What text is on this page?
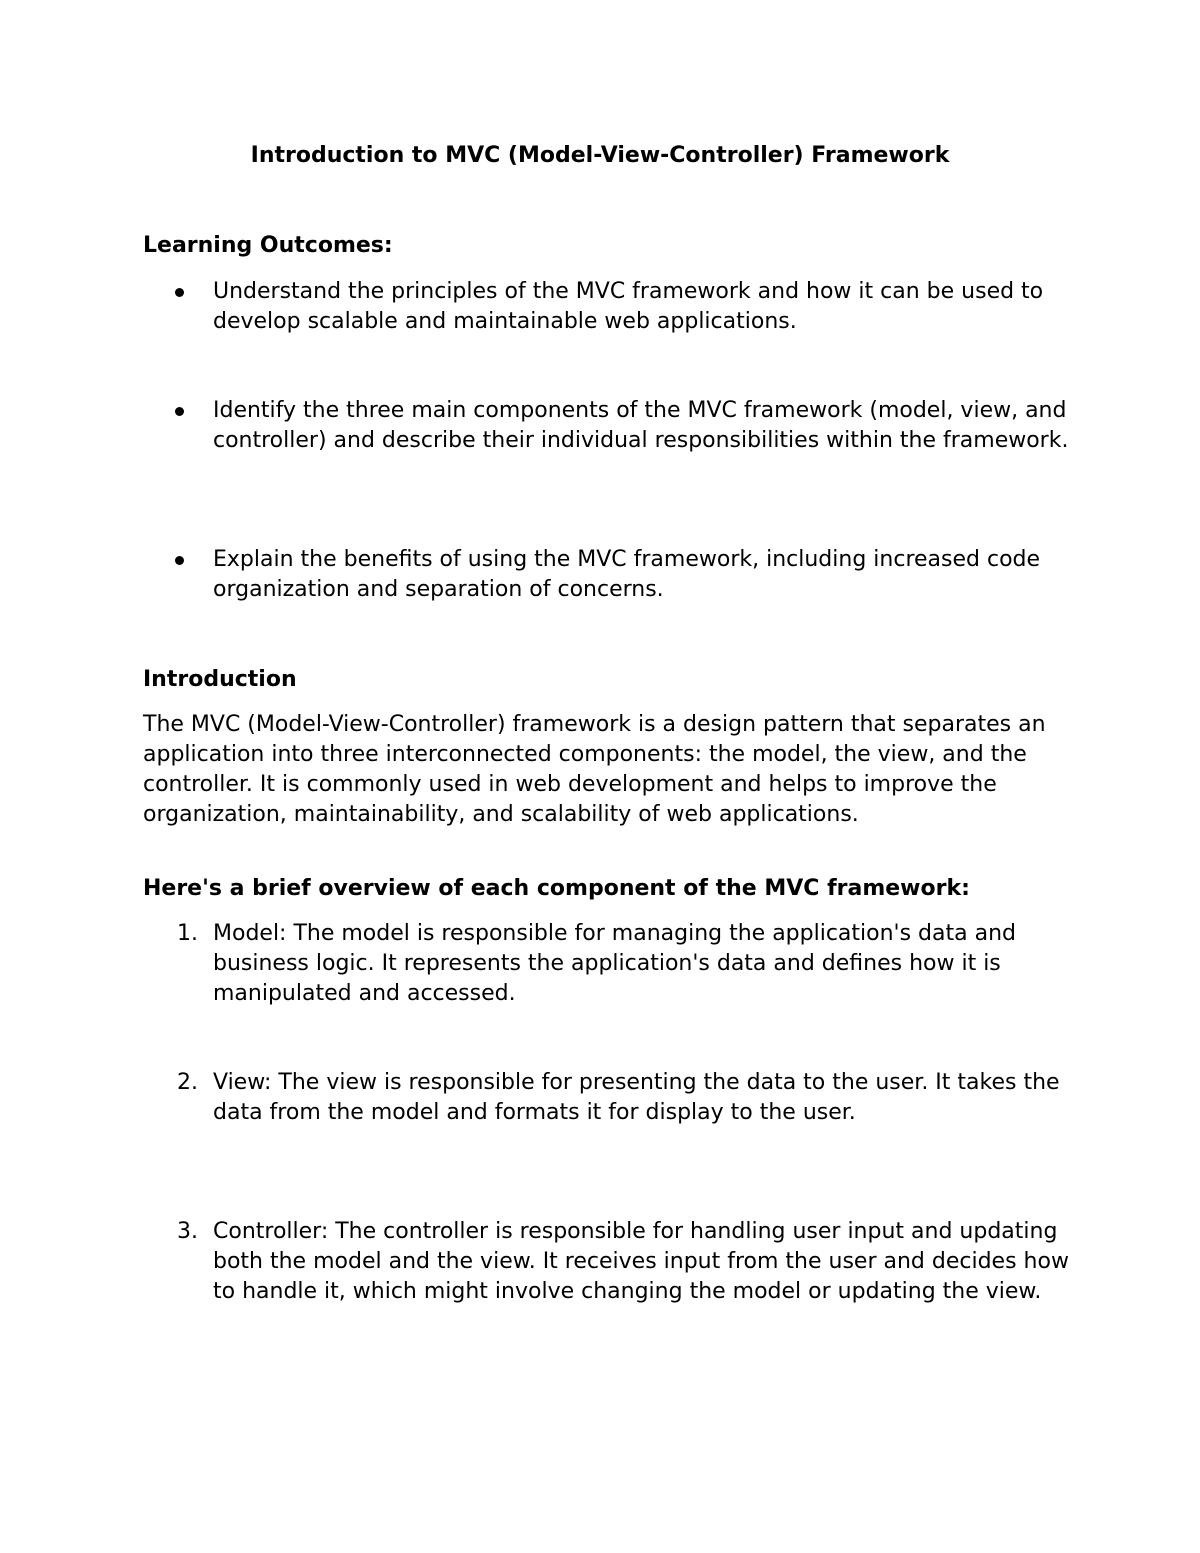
Introduction to MVC (Model-View-Controller) Framework
Learning Outcomes:
Understand the principles of the MVC framework and how it can be used to develop scalable and maintainable web applications.
Identify the three main components of the MVC framework (model, view, and controller) and describe their individual responsibilities within the framework.
Explain the benefits of using the MVC framework, including increased code organization and separation of concerns.
Introduction

The MVC (Model-View-Controller) framework is a design pattern that separates an application into three interconnected components: the model, the view, and the controller. It is commonly used in web development and helps to improve the organization, maintainability, and scalability of web applications.

Here's a brief overview of each component of the MVC framework:
1. Model: The model is responsible for managing the application's data and business logic. It represents the application's data and defines how it is manipulated and accessed.
2. View: The view is responsible for presenting the data to the user. It takes the data from the model and formats it for display to the user.
3. Controller: The controller is responsible for handling user input and updating both the model and the view. It receives input from the user and decides how to handle it, which might involve changing the model or updating the view.
